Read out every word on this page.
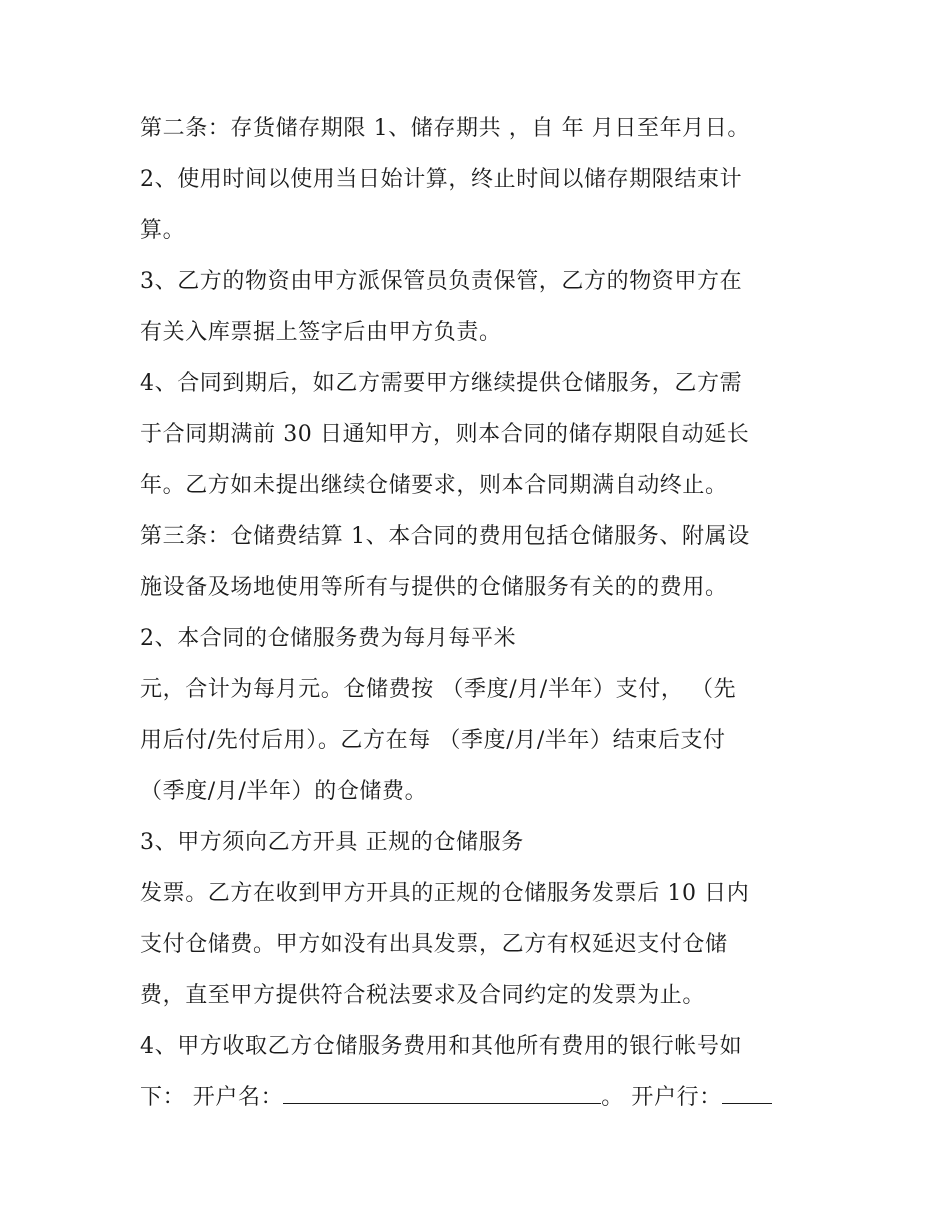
第二条：存货储存期限 1、储存期共 ，自 年 月日至年月日。
2、使用时间以使用当日始计算，终止时间以储存期限结束计
算。
3、乙方的物资由甲方派保管员负责保管，乙方的物资甲方在
有关入库票据上签字后由甲方负责。
4、合同到期后，如乙方需要甲方继续提供仓储服务，乙方需
于合同期满前 30 日通知甲方，则本合同的储存期限自动延长
年。乙方如未提出继续仓储要求，则本合同期满自动终止。
第三条：仓储费结算 1、本合同的费用包括仓储服务、附属设
施设备及场地使用等所有与提供的仓储服务有关的的费用。
2、本合同的仓储服务费为每月每平米
元，合计为每月元。仓储费按 （季度/月/半年）支付， （先
用后付/先付后用）。乙方在每 （季度/月/半年）结束后支付
（季度/月/半年）的仓储费。
3、甲方须向乙方开具 正规的仓储服务
发票。乙方在收到甲方开具的正规的仓储服务发票后 10 日内
支付仓储费。甲方如没有出具发票，乙方有权延迟支付仓储
费，直至甲方提供符合税法要求及合同约定的发票为止。
4、甲方收取乙方仓储服务费用和其他所有费用的银行帐号如
下： 开户名：	。 开户行：
